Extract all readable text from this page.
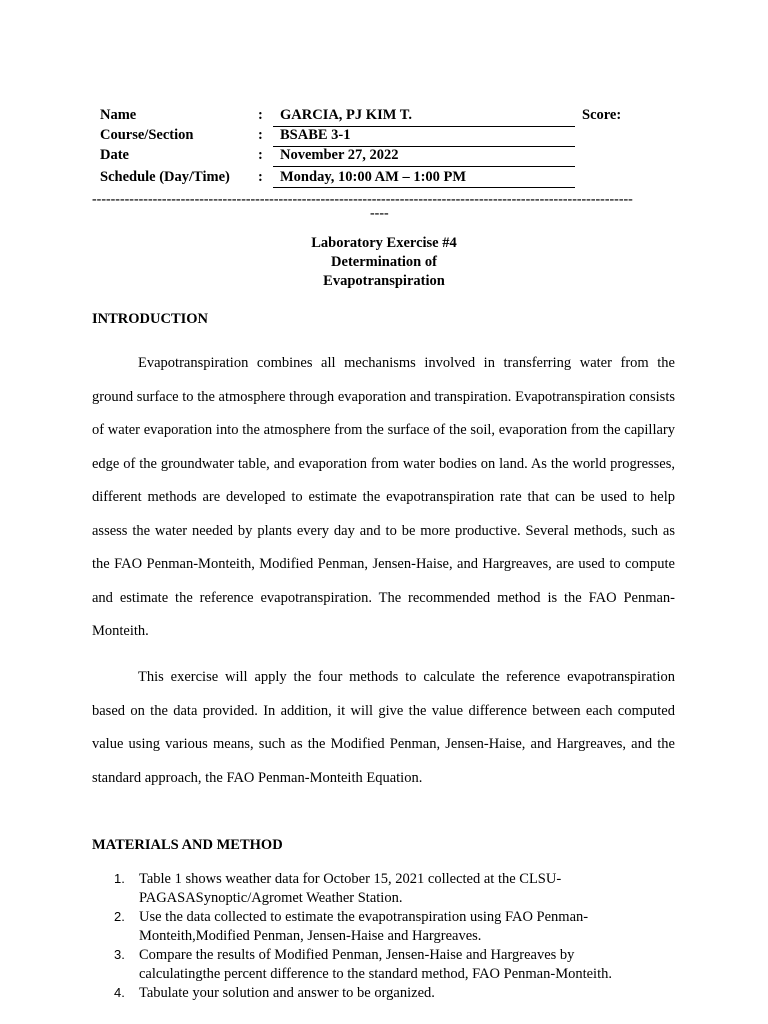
Name	: GARCIA, PJ KIM T.
Course/Section	: BSABE 3-1
Date	: November 27, 2022
Schedule (Day/Time) : Monday, 10:00 AM – 1:00 PM
Score:
--------------------------------------------------------------------------------------------------------------------
----
Laboratory Exercise #4
Determination of
Evapotranspiration
INTRODUCTION

Evapotranspiration combines all mechanisms involved in transferring water from the ground surface to the atmosphere through evaporation and transpiration. Evapotranspiration consists of water evaporation into the atmosphere from the surface of the soil, evaporation from the capillary edge of the groundwater table, and evaporation from water bodies on land. As the world progresses, different methods are developed to estimate the evapotranspiration rate that can be used to help assess the water needed by plants every day and to be more productive. Several methods, such as the FAO Penman-Monteith, Modified Penman, Jensen-Haise, and Hargreaves, are used to compute and estimate the reference evapotranspiration. The recommended method is the FAO Penman-Monteith.

This exercise will apply the four methods to calculate the reference evapotranspiration based on the data provided. In addition, it will give the value difference between each computed value using various means, such as the Modified Penman, Jensen-Haise, and Hargreaves, and the standard approach, the FAO Penman-Monteith Equation.

MATERIALS AND METHOD
1. Table 1 shows weather data for October 15, 2021 collected at the CLSU-PAGASASynoptic/Agromet Weather Station.
2. Use the data collected to estimate the evapotranspiration using FAO Penman-Monteith,Modified Penman, Jensen-Haise and Hargreaves.
3. Compare the results of Modified Penman, Jensen-Haise and Hargreaves by calculatingthe percent difference to the standard method, FAO Penman-Monteith.
4. Tabulate your solution and answer to be organized.
